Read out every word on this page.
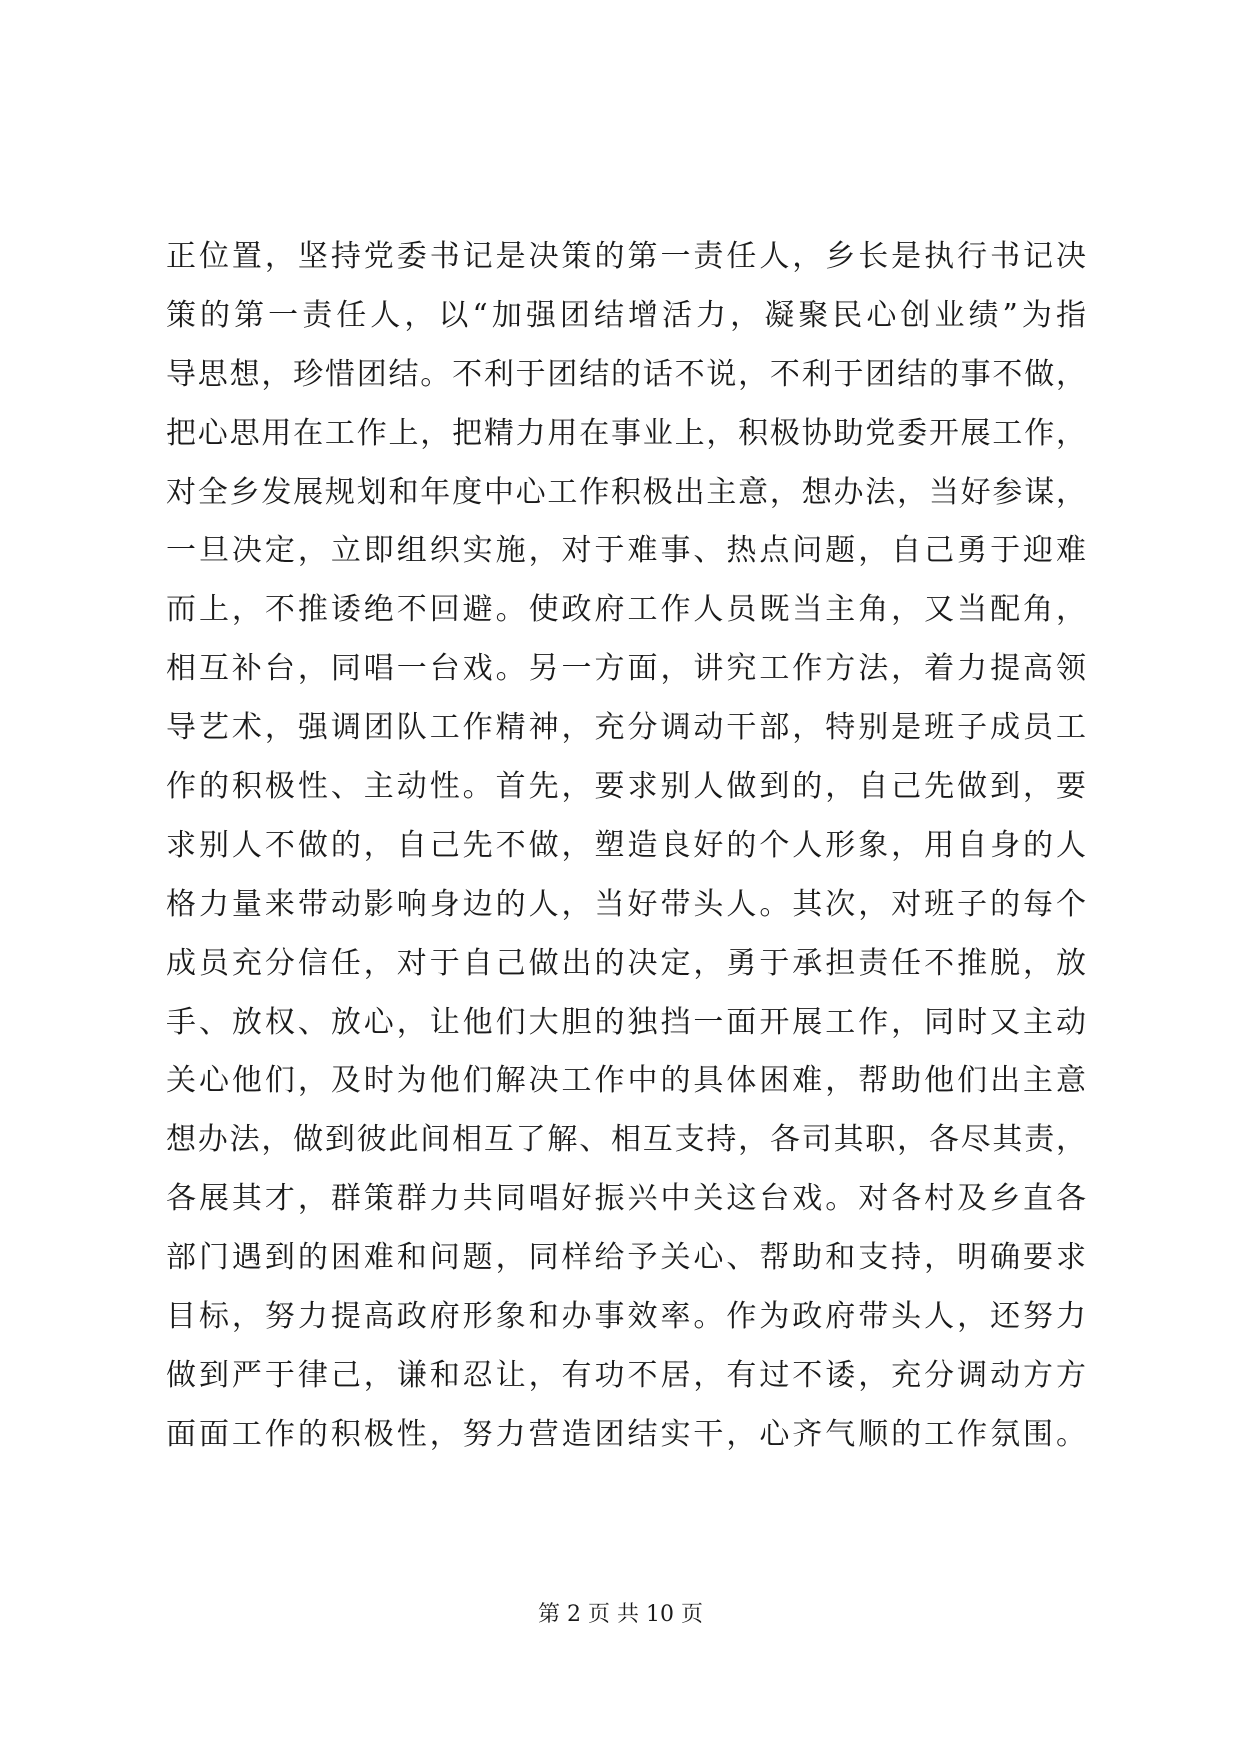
正位置，坚持党委书记是决策的第一责任人，乡长是执行书记决
策的第一责任人，以“加强团结增活力，凝聚民心创业绩”为指
导思想，珍惜团结。不利于团结的话不说，不利于团结的事不做，
把心思用在工作上，把精力用在事业上，积极协助党委开展工作，
对全乡发展规划和年度中心工作积极出主意，想办法，当好参谋，
一旦决定，立即组织实施，对于难事、热点问题，自己勇于迎难
而上，不推诿绝不回避。使政府工作人员既当主角，又当配角，
相互补台，同唱一台戏。另一方面，讲究工作方法，着力提高领
导艺术，强调团队工作精神，充分调动干部，特别是班子成员工
作的积极性、主动性。首先，要求别人做到的，自己先做到，要
求别人不做的，自己先不做，塑造良好的个人形象，用自身的人
格力量来带动影响身边的人，当好带头人。其次，对班子的每个
成员充分信任，对于自己做出的决定，勇于承担责任不推脱，放
手、放权、放心，让他们大胆的独挡一面开展工作，同时又主动
关心他们，及时为他们解决工作中的具体困难，帮助他们出主意
想办法，做到彼此间相互了解、相互支持，各司其职，各尽其责，
各展其才，群策群力共同唱好振兴中关这台戏。对各村及乡直各
部门遇到的困难和问题，同样给予关心、帮助和支持，明确要求
目标，努力提高政府形象和办事效率。作为政府带头人，还努力
做到严于律己，谦和忍让，有功不居，有过不诿，充分调动方方
面面工作的积极性，努力营造团结实干，心齐气顺的工作氛围。
第 2 页 共 10 页
